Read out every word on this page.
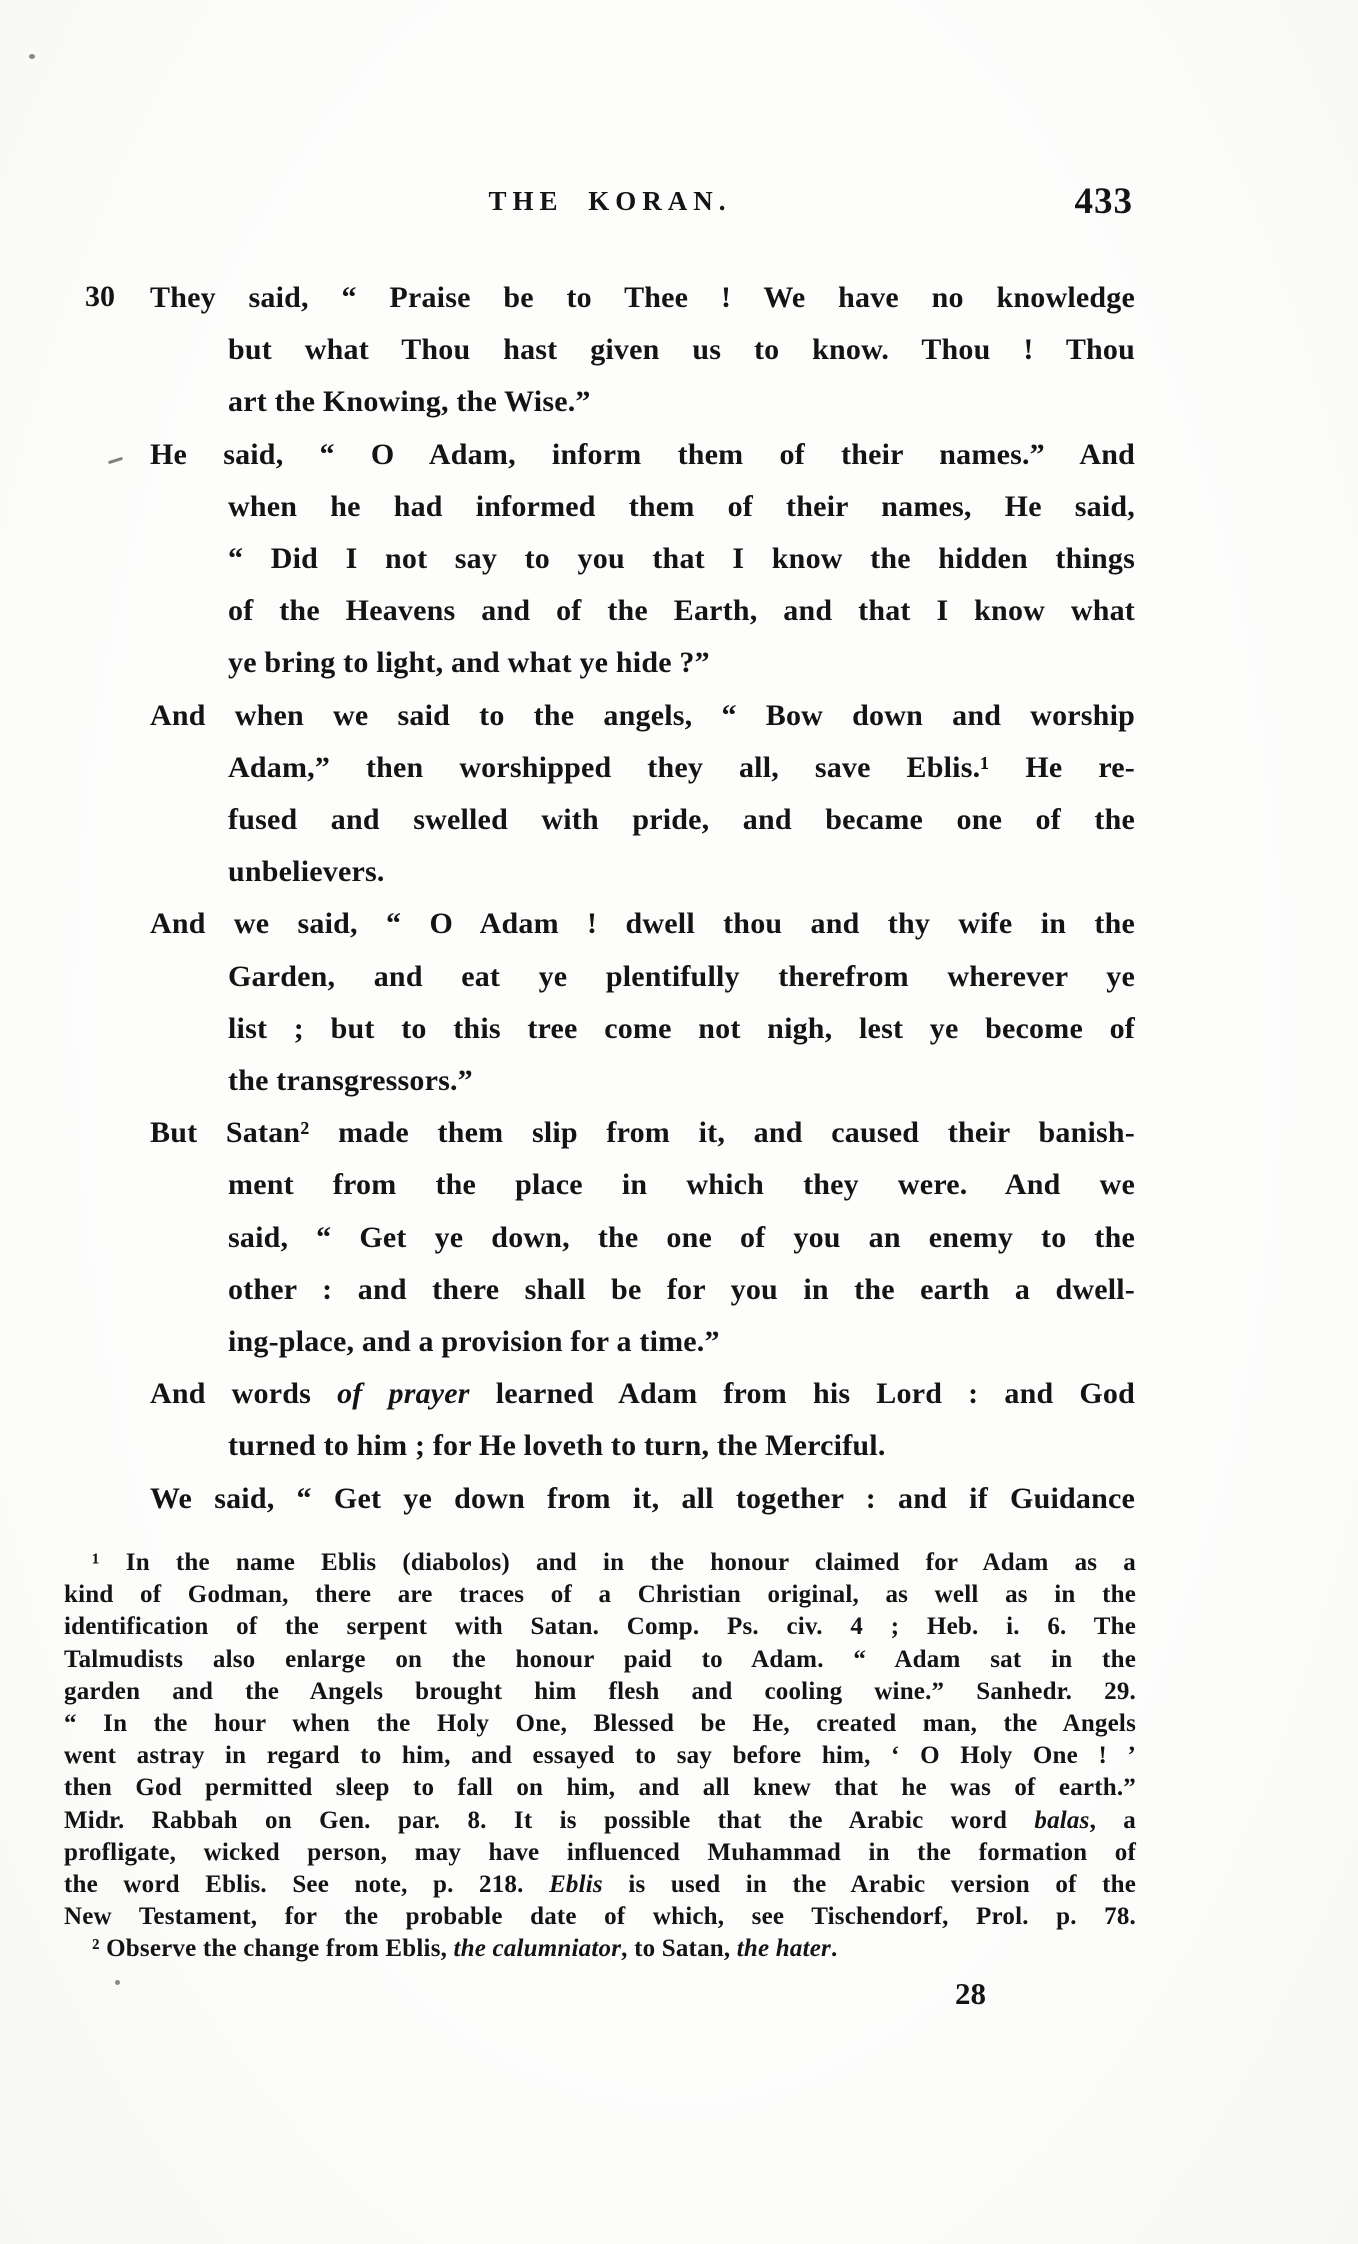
THE KORAN.	433
30 They said, “ Praise be to Thee ! We have no knowledge
but what Thou hast given us to know. Thou ! Thou
art the Knowing, the Wise.”
He said, “ O Adam, inform them of their names.” And
when he had informed them of their names, He said,
“ Did I not say to you that I know the hidden things
of the Heavens and of the Earth, and that I know what
ye bring to light, and what ye hide ?”
And when we said to the angels, “ Bow down and worship
Adam,” then worshipped they all, save Eblis.¹ He re-
fused and swelled with pride, and became one of the
unbelievers.
And we said, “ O Adam ! dwell thou and thy wife in the
Garden, and eat ye plentifully therefrom wherever ye
list ; but to this tree come not nigh, lest ye become of
the transgressors.”
But Satan² made them slip from it, and caused their banish-
ment from the place in which they were. And we
said, “ Get ye down, the one of you an enemy to the
other : and there shall be for you in the earth a dwell-
ing-place, and a provision for a time.”
And words of prayer learned Adam from his Lord : and God
turned to him ; for He loveth to turn, the Merciful.
We said, “ Get ye down from it, all together : and if Guidance
¹ In the name Eblis (diabolos) and in the honour claimed for Adam as a
kind of Godman, there are traces of a Christian original, as well as in the
identification of the serpent with Satan. Comp. Ps. civ. 4 ; Heb. i. 6. The
Talmudists also enlarge on the honour paid to Adam. “ Adam sat in the
garden and the Angels brought him flesh and cooling wine.” Sanhedr. 29.
“ In the hour when the Holy One, Blessed be He, created man, the Angels
went astray in regard to him, and essayed to say before him, ‘ O Holy One ! ’
then God permitted sleep to fall on him, and all knew that he was of earth.”
Midr. Rabbah on Gen. par. 8. It is possible that the Arabic word balas, a
profligate, wicked person, may have influenced Muhammad in the formation of
the word Eblis. See note, p. 218. Eblis is used in the Arabic version of the
New Testament, for the probable date of which, see Tischendorf, Prol. p. 78.
² Observe the change from Eblis, the calumniator, to Satan, the hater.
28
